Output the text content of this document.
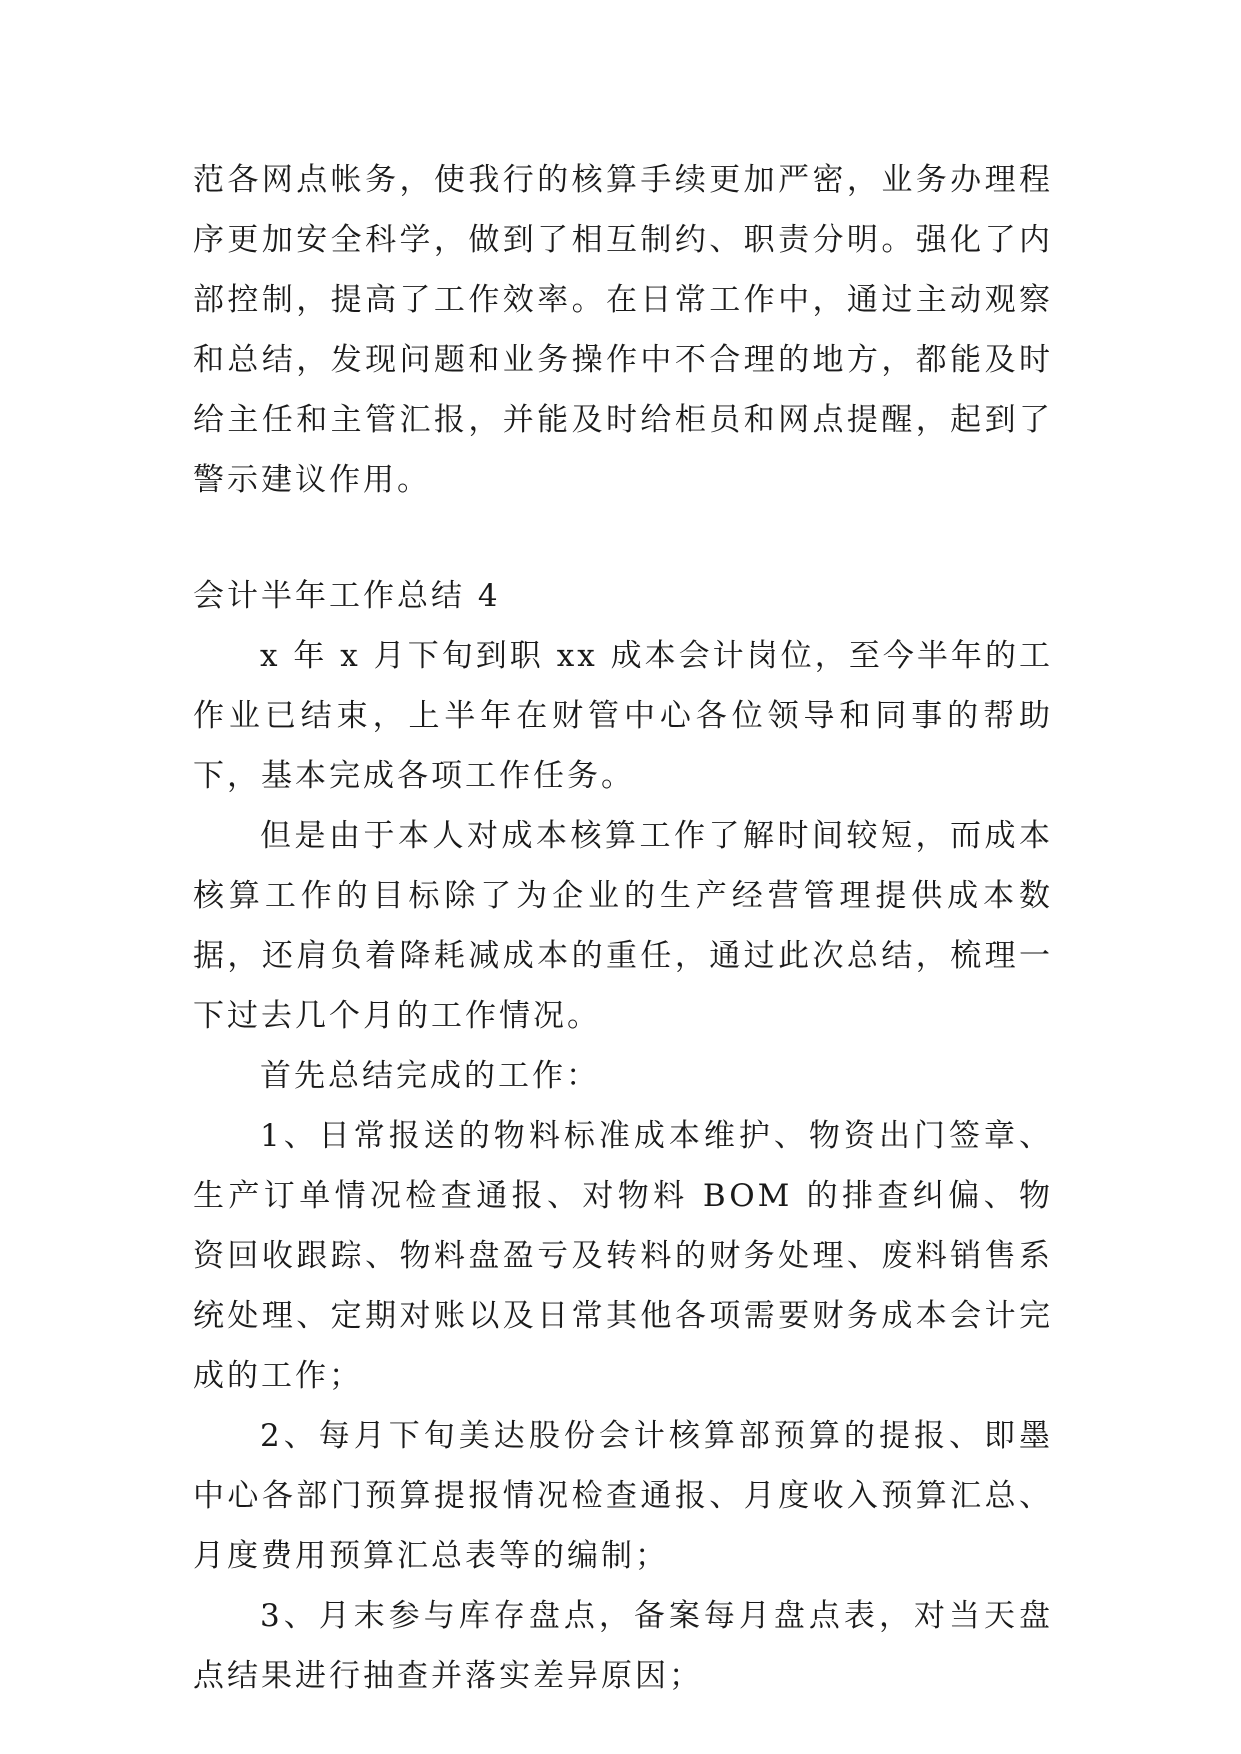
范各网点帐务，使我行的核算手续更加严密，业务办理程序更加安全科学，做到了相互制约、职责分明。强化了内部控制，提高了工作效率。在日常工作中，通过主动观察和总结，发现问题和业务操作中不合理的地方，都能及时给主任和主管汇报，并能及时给柜员和网点提醒，起到了警示建议作用。

会计半年工作总结 4

x 年 x 月下旬到职 xx 成本会计岗位，至今半年的工作业已结束，上半年在财管中心各位领导和同事的帮助下，基本完成各项工作任务。

但是由于本人对成本核算工作了解时间较短，而成本核算工作的目标除了为企业的生产经营管理提供成本数据，还肩负着降耗减成本的重任，通过此次总结，梳理一下过去几个月的工作情况。

首先总结完成的工作：

1、日常报送的物料标准成本维护、物资出门签章、生产订单情况检查通报、对物料 BOM 的排查纠偏、物资回收跟踪、物料盘盈亏及转料的财务处理、废料销售系统处理、定期对账以及日常其他各项需要财务成本会计完成的工作；

2、每月下旬美达股份会计核算部预算的提报、即墨中心各部门预算提报情况检查通报、月度收入预算汇总、月度费用预算汇总表等的编制；

3、月末参与库存盘点，备案每月盘点表，对当天盘点结果进行抽查并落实差异原因；
